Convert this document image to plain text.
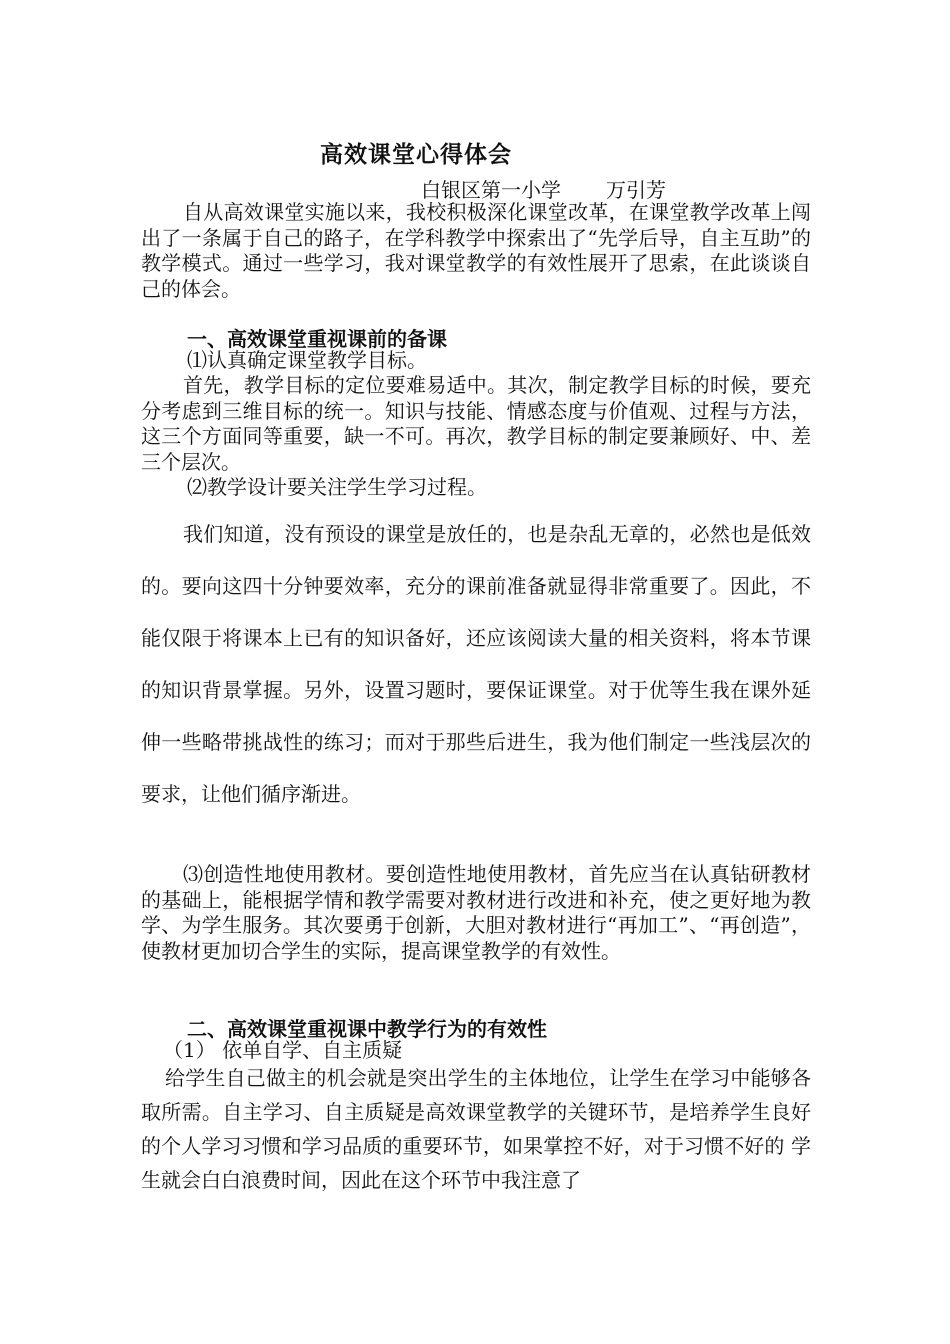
高效课堂心得体会
白银区第一小学 万引芳

自从高效课堂实施以来，我校积极深化课堂改革，在课堂教学改革上闯出了一条属于自己的路子，在学科教学中探索出了“先学后导，自主互助”的教学模式。通过一些学习，我对课堂教学的有效性展开了思索，在此谈谈自己的体会。

一、高效课堂重视课前的备课

⑴认真确定课堂教学目标。

首先，教学目标的定位要难易适中。其次，制定教学目标的时候，要充分考虑到三维目标的统一。知识与技能、情感态度与价值观、过程与方法，这三个方面同等重要，缺一不可。再次，教学目标的制定要兼顾好、中、差三个层次。

⑵教学设计要关注学生学习过程。

我们知道，没有预设的课堂是放任的，也是杂乱无章的，必然也是低效的。要向这四十分钟要效率，充分的课前准备就显得非常重要了。因此，不能仅限于将课本上已有的知识备好，还应该阅读大量的相关资料，将本节课的知识背景掌握。另外，设置习题时，要保证课堂。对于优等生我在课外延伸一些略带挑战性的练习；而对于那些后进生，我为他们制定一些浅层次的要求，让他们循序渐进。

⑶创造性地使用教材。要创造性地使用教材，首先应当在认真钻研教材的基础上，能根据学情和教学需要对教材进行改进和补充，使之更好地为教学、为学生服务。其次要勇于创新，大胆对教材进行“再加工”、“再创造”，使教材更加切合学生的实际，提高课堂教学的有效性。

二、高效课堂重视课中教学行为的有效性

（1） 依单自学、自主质疑

给学生自己做主的机会就是突出学生的主体地位，让学生在学习中能够各取所需。自主学习、自主质疑是高效课堂教学的关键环节，是培养学生良好的个人学习习惯和学习品质的重要环节，如果掌控不好，对于习惯不好的 学生就会白白浪费时间，因此在这个环节中我注意了
